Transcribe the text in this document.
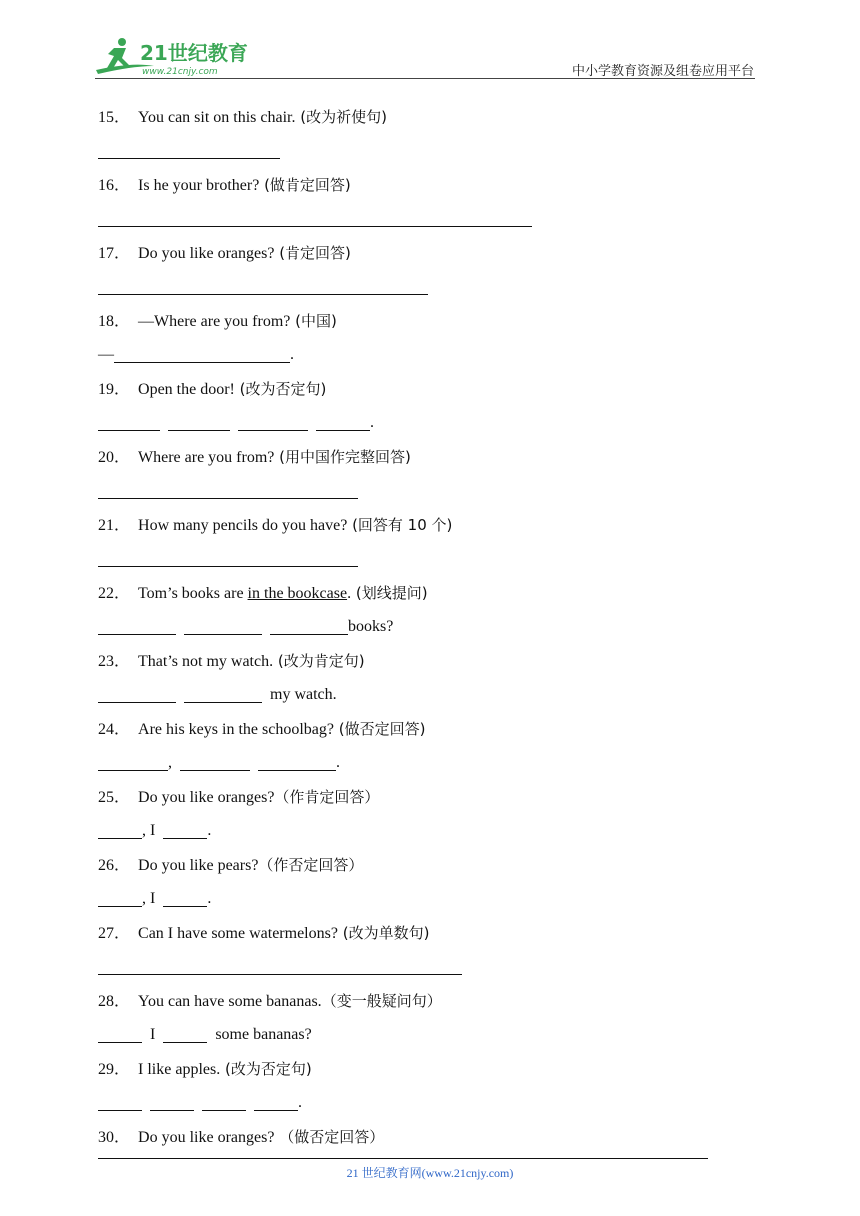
21世纪教育
www.21cnjy.com	中小学教育资源及组卷应用平台
15． You can sit on this chair. (改为祈使句)
16． Is he your brother? (做肯定回答)
17． Do you like oranges? (肯定回答)
18． —Where are you from? (中国)
—	.
19． Open the door! (改为否定句)
.
20． Where are you from? (用中国作完整回答)
21． How many pencils do you have? (回答有 10 个)
22． Tom’s books are in the bookcase. (划线提问)
books?
23． That’s not my watch. (改为肯定句)
my watch.
24． Are his keys in the schoolbag? (做否定回答)
,	.
25． Do you like oranges?（作肯定回答）
, I	.
26． Do you like pears?（作否定回答）
, I	.
27． Can I have some watermelons? (改为单数句)
28． You can have some bananas.（变一般疑问句）
I	some bananas?
29． I like apples. (改为否定句)
.
30． Do you like oranges? （做否定回答）
21 世纪教育网(www.21cnjy.com)
